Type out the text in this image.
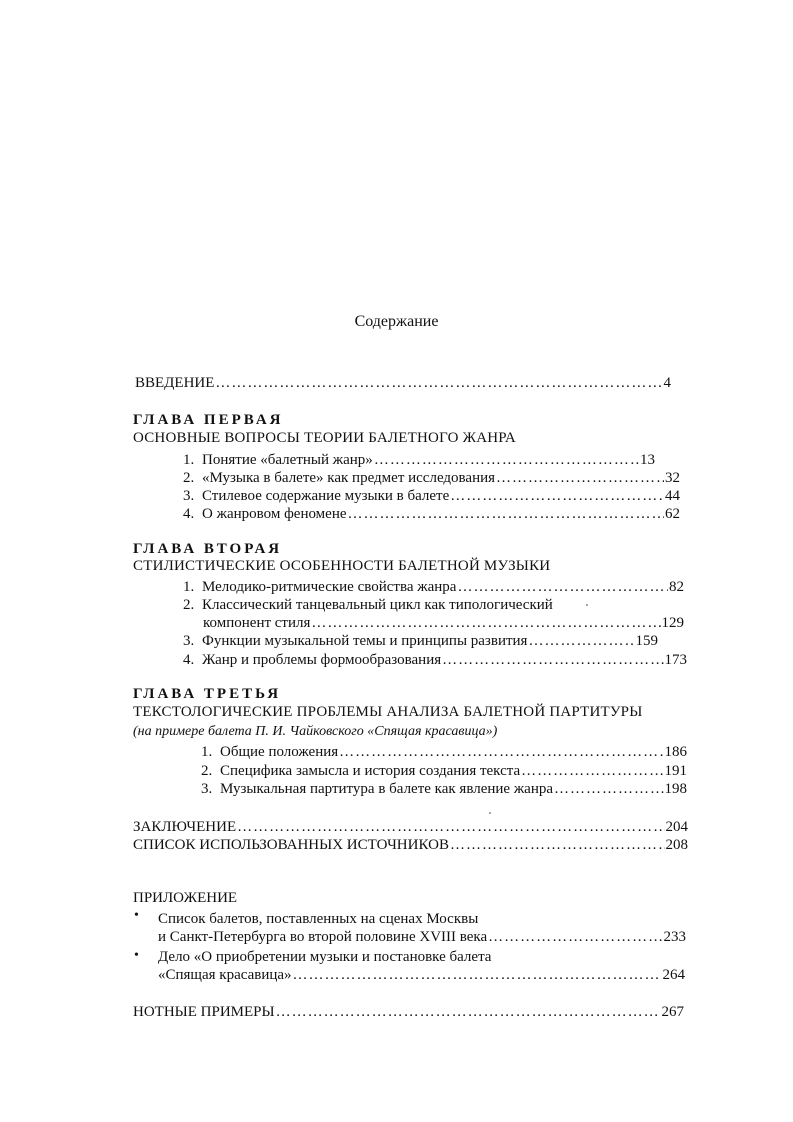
Содержание
ВВЕДЕНИЕ …………………………………………………………………………………………………………………………………………………………………………………………	4
ГЛАВА ПЕРВАЯ
ОСНОВНЫЕ ВОПРОСЫ ТЕОРИИ БАЛЕТНОГО ЖАНРА
1. Понятие «балетный жанр» …………………………………………………………………………………………………………………………………………………………………………………………	13
2. «Музыка в балете» как предмет исследования …………………………………………………………………………………………………………………………………………………………………………………………	32
3. Стилевое содержание музыки в балете …………………………………………………………………………………………………………………………………………………………………………………………	44
4. О жанровом феномене …………………………………………………………………………………………………………………………………………………………………………………………	62
ГЛАВА ВТОРАЯ
СТИЛИСТИЧЕСКИЕ ОСОБЕННОСТИ БАЛЕТНОЙ МУЗЫКИ
1. Мелодико-ритмические свойства жанра …………………………………………………………………………………………………………………………………………………………………………………………	82
2. Классический танцевальный цикл как типологический
компонент стиля …………………………………………………………………………………………………………………………………………………………………………………………	129
3. Функции музыкальной темы и принципы развития …………………………………………………………………………………………………………………………………………………………………………………………	159
4. Жанр и проблемы формообразования …………………………………………………………………………………………………………………………………………………………………………………………	173
ГЛАВА ТРЕТЬЯ
ТЕКСТОЛОГИЧЕСКИЕ ПРОБЛЕМЫ АНАЛИЗА БАЛЕТНОЙ ПАРТИТУРЫ
(на примере балета П. И. Чайковского «Спящая красавица»)
1. Общие положения …………………………………………………………………………………………………………………………………………………………………………………………	186
2. Специфика замысла и история создания текста …………………………………………………………………………………………………………………………………………………………………………………………	191
3. Музыкальная партитура в балете как явление жанра …………………………………………………………………………………………………………………………………………………………………………………………	198
ЗАКЛЮЧЕНИЕ …………………………………………………………………………………………………………………………………………………………………………………………	204
СПИСОК ИСПОЛЬЗОВАННЫХ ИСТОЧНИКОВ …………………………………………………………………………………………………………………………………………………………………………………………	208
ПРИЛОЖЕНИЕ
• Список балетов, поставленных на сценах Москвы
и Санкт-Петербурга во второй половине XVIII века …………………………………………………………………………………………………………………………………………………………………………………………	233
• Дело «О приобретении музыки и постановке балета
«Спящая красавица» …………………………………………………………………………………………………………………………………………………………………………………………	264
НОТНЫЕ ПРИМЕРЫ …………………………………………………………………………………………………………………………………………………………………………………………	267
